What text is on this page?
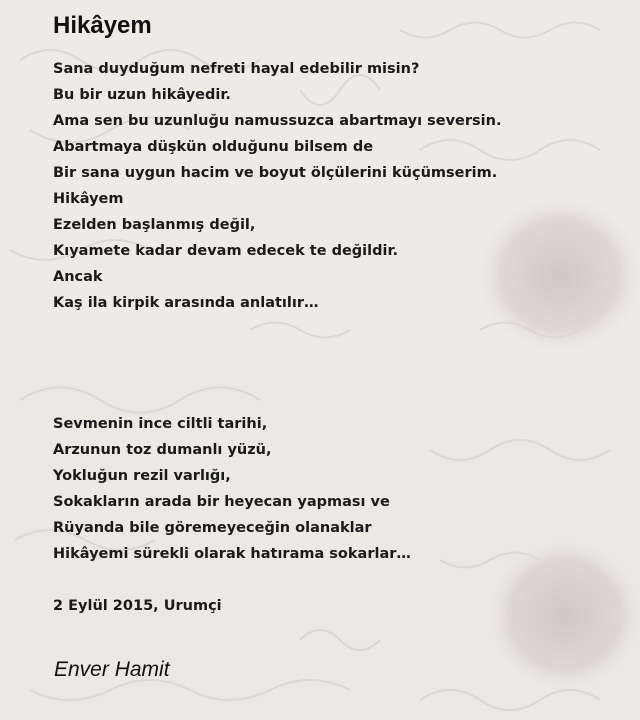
Hikâyem
Sana duyduğum nefreti hayal edebilir misin?
Bu bir uzun hikâyedir.
Ama sen bu uzunluğu namussuzca abartmayı seversin.
Abartmaya düşkün olduğunu bilsem de
Bir sana uygun hacim ve boyut ölçülerini küçümserim.
Hikâyem
Ezelden başlanmış değil,
Kıyamete kadar devam edecek te değildir.
Ancak
Kaş ila kirpik arasında anlatılır…
Sevmenin ince ciltli tarihi,
Arzunun toz dumanlı yüzü,
Yokluğun rezil varlığı,
Sokakların arada bir heyecan yapması ve
Rüyanda bile göremeyeceğin olanaklar
Hikâyemi sürekli olarak hatırama sokarlar…
2 Eylül 2015, Urumçi
Enver Hamit
